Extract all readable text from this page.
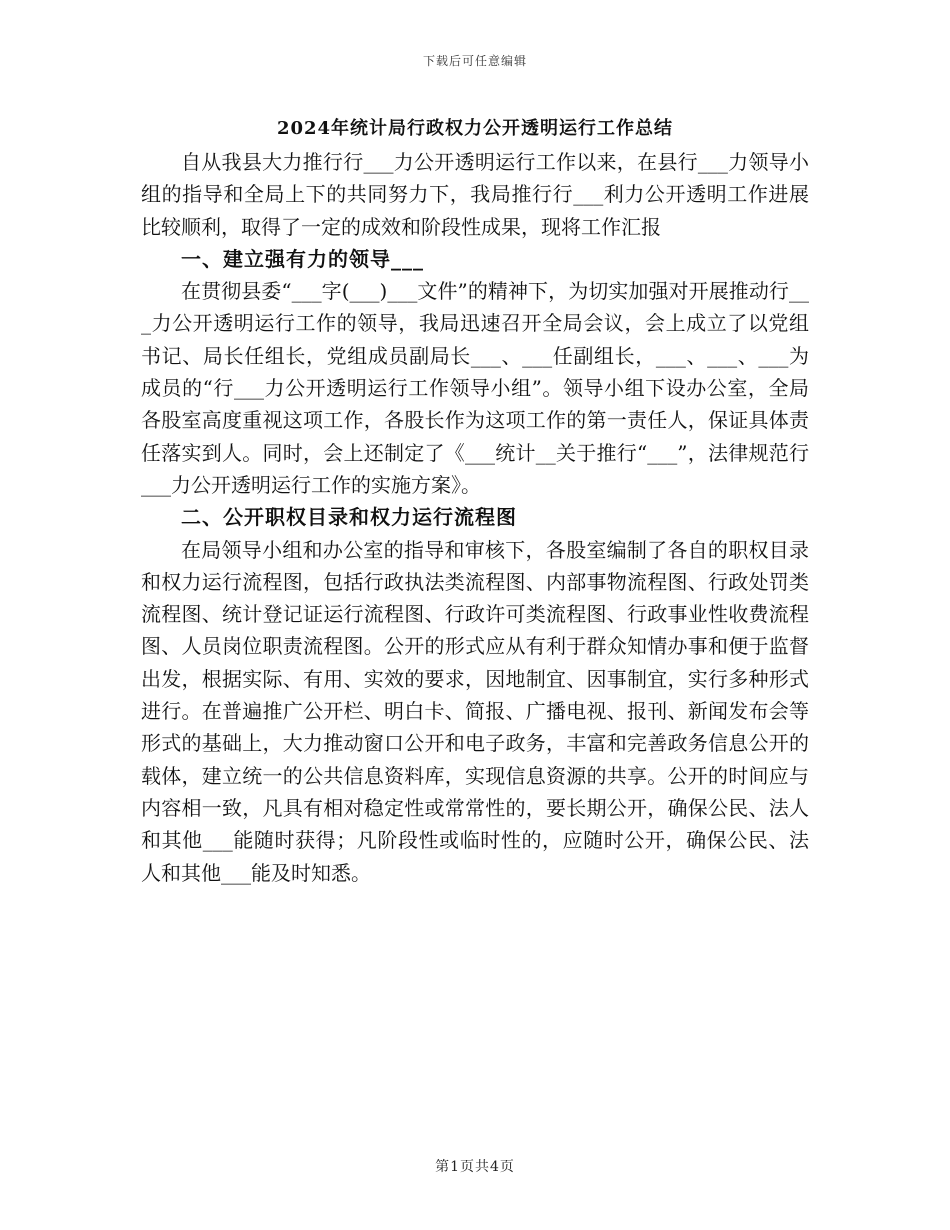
下载后可任意编辑
2024年统计局行政权力公开透明运行工作总结

自从我县大力推行行___力公开透明运行工作以来，在县行___力领导小组的指导和全局上下的共同努力下，我局推行行___利力公开透明工作进展比较顺利，取得了一定的成效和阶段性成果，现将工作汇报

一、建立强有力的领导___

在贯彻县委“___字(___)___文件”的精神下，为切实加强对开展推动行___力公开透明运行工作的领导，我局迅速召开全局会议，会上成立了以党组书记、局长任组长，党组成员副局长___、___任副组长，___、___、___为成员的“行___力公开透明运行工作领导小组”。领导小组下设办公室，全局各股室高度重视这项工作，各股长作为这项工作的第一责任人，保证具体责任落实到人。同时，会上还制定了《___统计__关于推行“___”，法律规范行___力公开透明运行工作的实施方案》。

二、公开职权目录和权力运行流程图

在局领导小组和办公室的指导和审核下，各股室编制了各自的职权目录和权力运行流程图，包括行政执法类流程图、内部事物流程图、行政处罚类流程图、统计登记证运行流程图、行政许可类流程图、行政事业性收费流程图、人员岗位职责流程图。公开的形式应从有利于群众知情办事和便于监督出发，根据实际、有用、实效的要求，因地制宜、因事制宜，实行多种形式进行。在普遍推广公开栏、明白卡、简报、广播电视、报刊、新闻发布会等形式的基础上，大力推动窗口公开和电子政务，丰富和完善政务信息公开的载体，建立统一的公共信息资料库，实现信息资源的共享。公开的时间应与内容相一致，凡具有相对稳定性或常常性的，要长期公开，确保公民、法人和其他___能随时获得；凡阶段性或临时性的，应随时公开，确保公民、法人和其他___能及时知悉。

第1页共4页
